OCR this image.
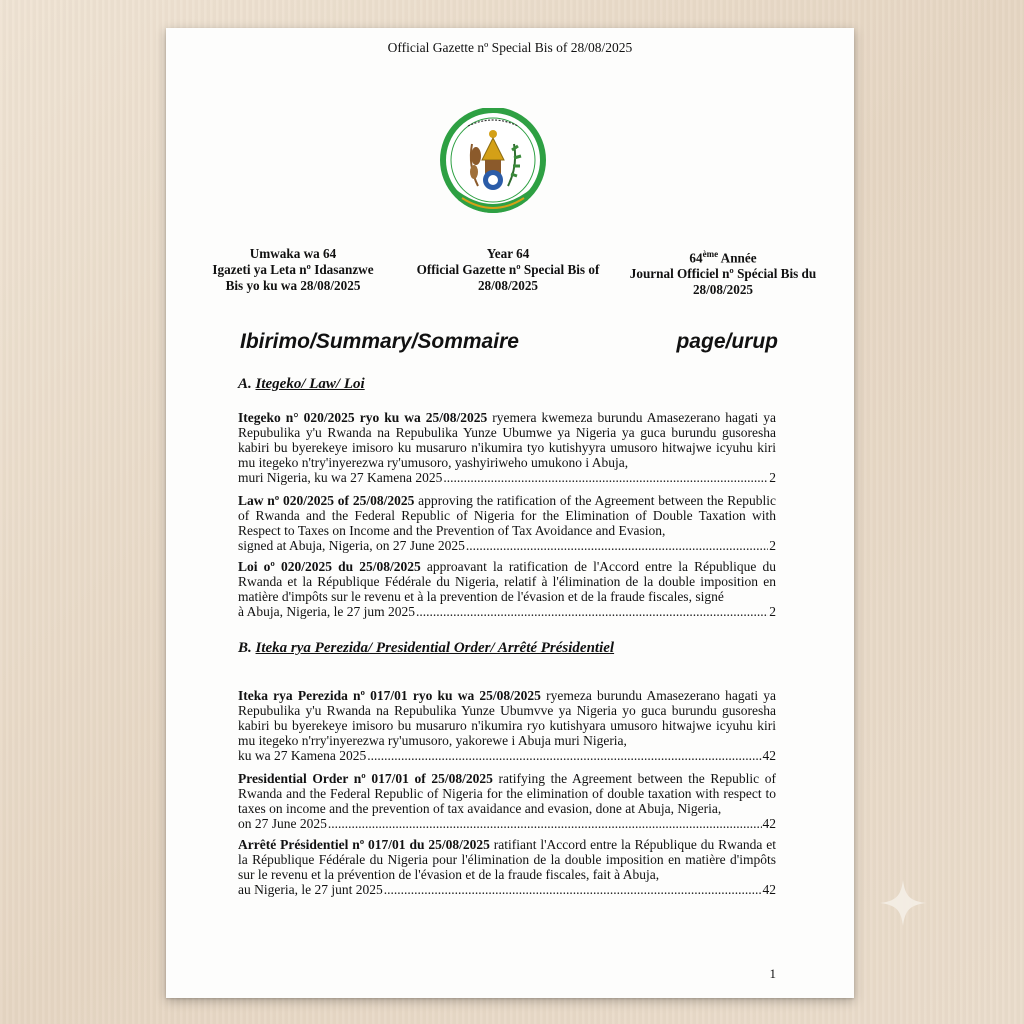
Official Gazette nº Special Bis of 28/08/2025
Umwaka wa 64
Igazeti ya Leta nº Idasanzwe
Bis yo ku wa 28/08/2025
Year 64
Official Gazette nº Special Bis of
28/08/2025
64ème Année
Journal Officiel nº Spécial Bis du
28/08/2025
Ibirimo/Summary/Sommaire	page/urup
A. Itegeko/ Law/ Loi
Itegeko n° 020/2025 ryo ku wa 25/08/2025 ryemera kwemeza burundu Amasezerano hagati ya Repubulika y'u Rwanda na Repubulika Yunze Ubumwe ya Nigeria ya guca burundu gusoresha kabiri bu byerekeye imisoro ku musaruro n'ikumira tyo kutishyyra umusoro hitwajwe icyuhu kiri mu itegeko n'try'inyerezwa ry'umusoro, yashyiriweho umukono i Abuja,
muri Nigeria, ku wa 27 Kamena 2025 .....	2
Law nº 020/2025 of 25/08/2025 approving the ratification of the Agreement between the Republic of Rwanda and the Federal Republic of Nigeria for the Elimination of Double Taxation with Respect to Taxes on Income and the Prevention of Tax Avoidance and Evasion,
signed at Abuja, Nigeria, on 27 June 2025 .....	2
Loi oº 020/2025 du 25/08/2025 approavant la ratification de l'Accord entre la République du Rwanda et la République Fédérale du Nigeria, relatif à l'élimination de la double imposition en matière d'impôts sur le revenu et à la prevention de l'évasion et de la fraude fiscales, signé
à Abuja, Nigeria, le 27 jum 2025 .....	2
B. Iteka rya Perezida/ Presidential Order/ Arrêté Présidentiel
Iteka rya Perezida nº 017/01 ryo ku wa 25/08/2025 ryemeza burundu Amasezerano hagati ya Repubulika y'u Rwanda na Repubulika Yunze Ubumvve ya Nigeria yo guca burundu gusoresha kabiri bu byerekeye imisoro bu musaruro n'ikumira ryo kutishyara umusoro hitwajwe icyuhu kiri mu itegeko n'rry'inyerezwa ry'umusoro, yakorewe i Abuja muri Nigeria,
ku wa 27 Kamena 2025 .....	42
Presidential Order nº 017/01 of 25/08/2025 ratifying the Agreement between the Republic of Rwanda and the Federal Republic of Nigeria for the elimination of double taxation with respect to taxes on income and the prevention of tax avaidance and evasion, done at Abuja, Nigeria,
on 27 June 2025 .....	42
Arrêté Présidentiel nº 017/01 du 25/08/2025 ratifiant l'Accord entre la République du Rwanda et la République Fédérale du Nigeria pour l'élimination de la double imposition en matière d'impôts sur le revenu et la prévention de l'évasion et de la fraude fiscales, fait à Abuja,
au Nigeria, le 27 junt 2025 .....	42
1
